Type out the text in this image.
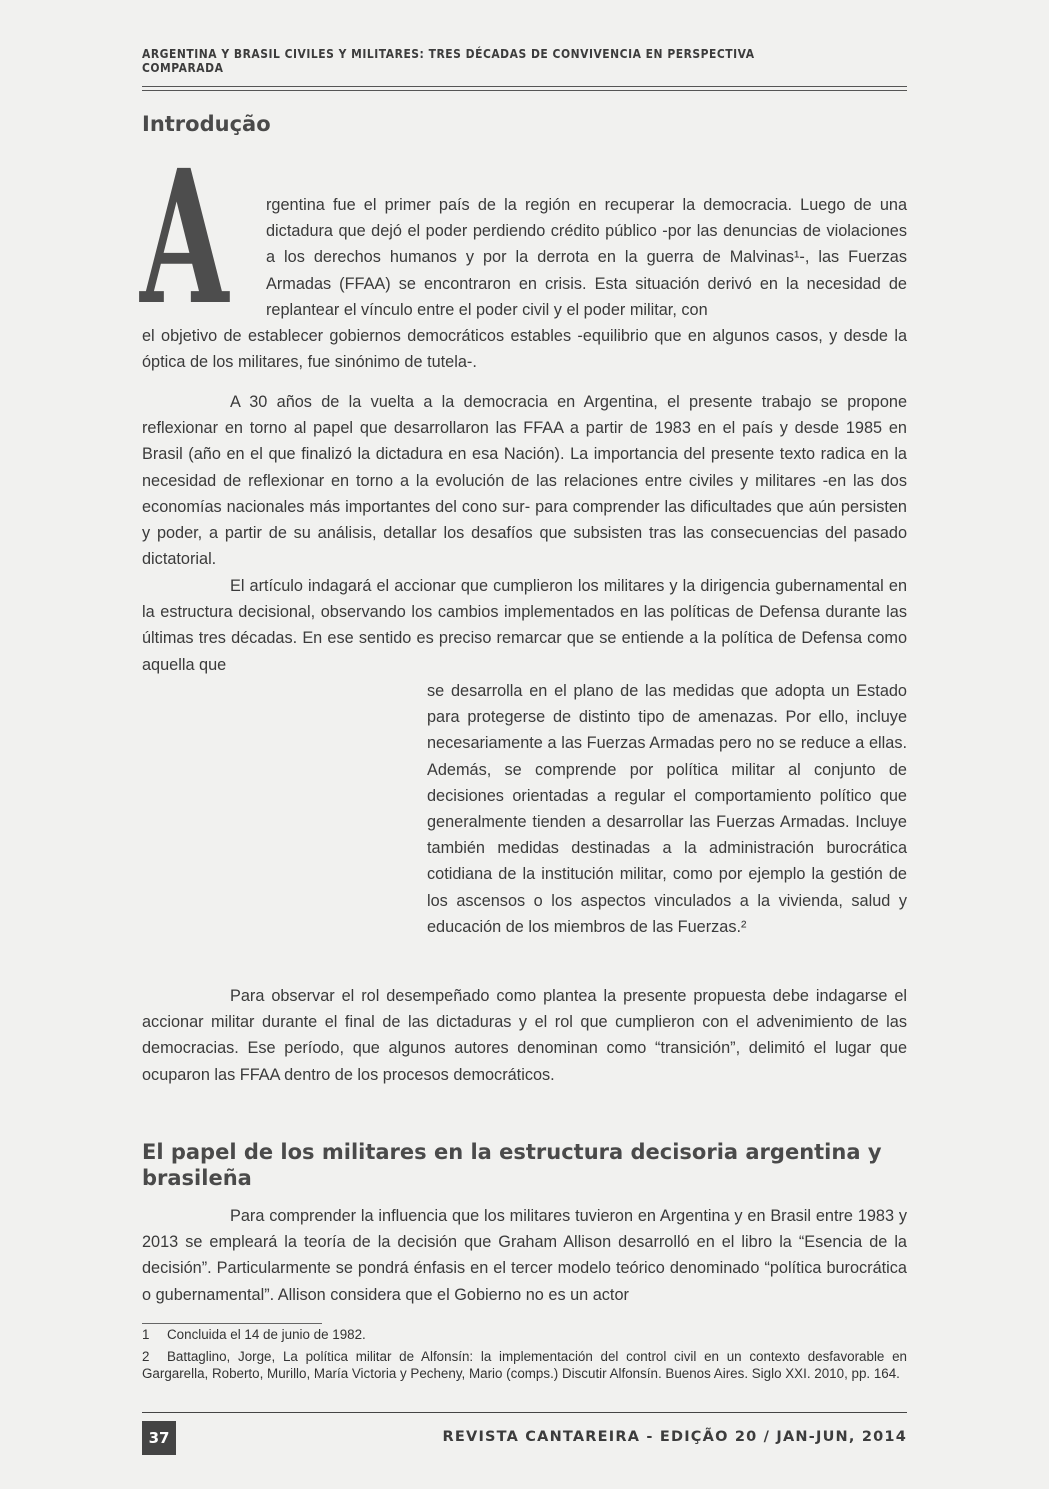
ARGENTINA Y BRASIL CIVILES Y MILITARES: TRES DÉCADAS DE CONVIVENCIA EN PERSPECTIVA COMPARADA
Introdução
A rgentina fue el primer país de la región en recuperar la democracia. Luego de una dictadura que dejó el poder perdiendo crédito público -por las denuncias de violaciones a los derechos humanos y por la derrota en la guerra de Malvinas¹-, las Fuerzas Armadas (FFAA) se encontraron en crisis. Esta situación derivó en la necesidad de replantear el vínculo entre el poder civil y el poder militar, con

el objetivo de establecer gobiernos democráticos estables -equilibrio que en algunos casos, y desde la óptica de los militares, fue sinónimo de tutela-.

A 30 años de la vuelta a la democracia en Argentina, el presente trabajo se propone reflexionar en torno al papel que desarrollaron las FFAA a partir de 1983 en el país y desde 1985 en Brasil (año en el que finalizó la dictadura en esa Nación). La importancia del presente texto radica en la necesidad de reflexionar en torno a la evolución de las relaciones entre civiles y militares -en las dos economías nacionales más importantes del cono sur- para comprender las dificultades que aún persisten y poder, a partir de su análisis, detallar los desafíos que subsisten tras las consecuencias del pasado dictatorial.

El artículo indagará el accionar que cumplieron los militares y la dirigencia gubernamental en la estructura decisional, observando los cambios implementados en las políticas de Defensa durante las últimas tres décadas. En ese sentido es preciso remarcar que se entiende a la política de Defensa como aquella que

se desarrolla en el plano de las medidas que adopta un Estado para protegerse de distinto tipo de amenazas. Por ello, incluye necesariamente a las Fuerzas Armadas pero no se reduce a ellas. Además, se comprende por política militar al conjunto de decisiones orientadas a regular el comportamiento político que generalmente tienden a desarrollar las Fuerzas Armadas. Incluye también medidas destinadas a la administración burocrática cotidiana de la institución militar, como por ejemplo la gestión de los ascensos o los aspectos vinculados a la vivienda, salud y educación de los miembros de las Fuerzas.²

Para observar el rol desempeñado como plantea la presente propuesta debe indagarse el accionar militar durante el final de las dictaduras y el rol que cumplieron con el advenimiento de las democracias. Ese período, que algunos autores denominan como “transición”, delimitó el lugar que ocuparon las FFAA dentro de los procesos democráticos.

El papel de los militares en la estructura decisoria argentina y brasileña

Para comprender la influencia que los militares tuvieron en Argentina y en Brasil entre 1983 y 2013 se empleará la teoría de la decisión que Graham Allison desarrolló en el libro la “Esencia de la decisión”. Particularmente se pondrá énfasis en el tercer modelo teórico denominado “política burocrática o gubernamental”. Allison considera que el Gobierno no es un actor

1 Concluida el 14 de junio de 1982.
2 Battaglino, Jorge, La política militar de Alfonsín: la implementación del control civil en un contexto desfavorable en Gargarella, Roberto, Murillo, María Victoria y Pecheny, Mario (comps.) Discutir Alfonsín. Buenos Aires. Siglo XXI. 2010, pp. 164.
37	REVISTA CANTAREIRA - EDIÇÃO 20 / JAN-JUN, 2014
